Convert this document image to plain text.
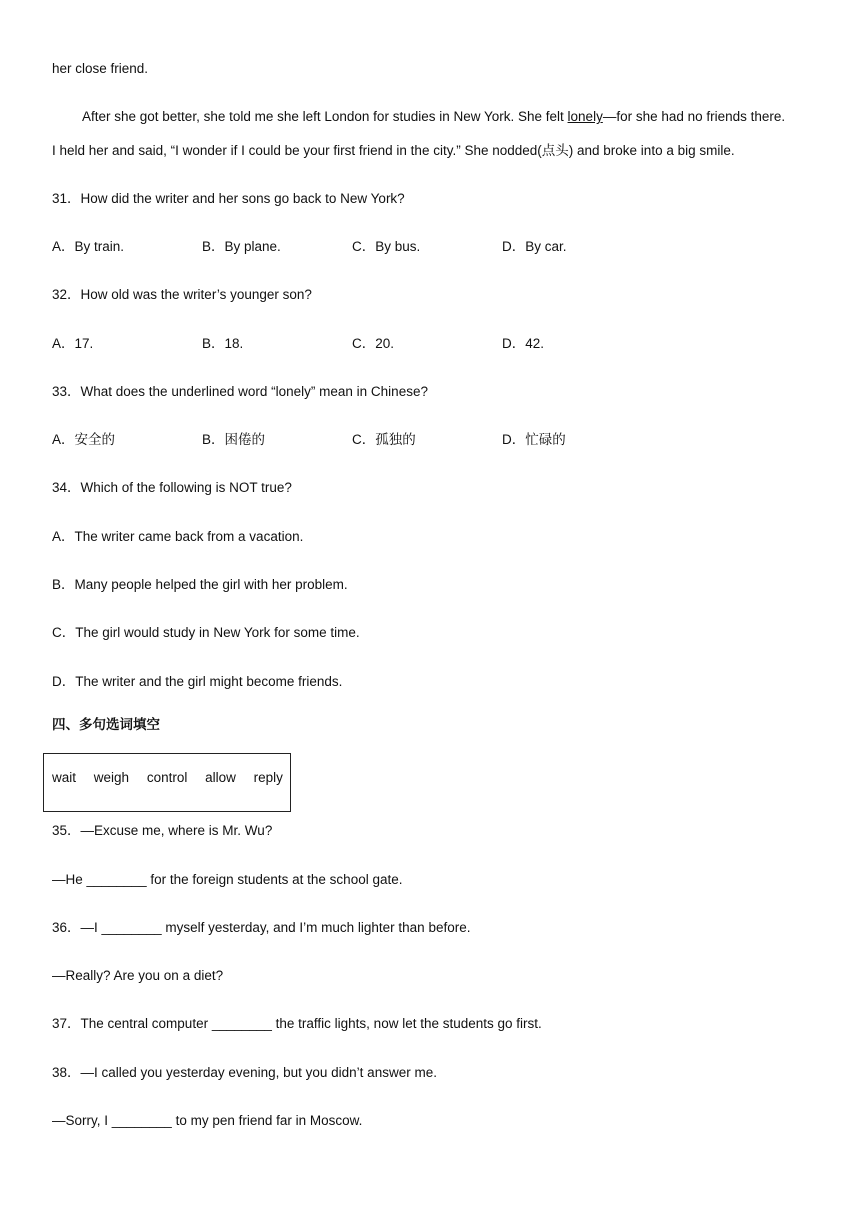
her close friend.
After she got better, she told me she left London for studies in New York. She felt lonely—for she had no friends there.
I held her and said, “I wonder if I could be your first friend in the city.” She nodded(点头) and broke into a big smile.
31．How did the writer and her sons go back to New York?
A．By train.	B．By plane.	C．By bus.	D．By car.
32．How old was the writer’s younger son?
A．17.	B．18.	C．20.	D．42.
33．What does the underlined word “lonely” mean in Chinese?
A．安全的	B．困倦的	C．孤独的	D．忙碌的
34．Which of the following is NOT true?
A．The writer came back from a vacation.
B．Many people helped the girl with her problem.
C．The girl would study in New York for some time.
D．The writer and the girl might become friends.
四、多句选词填空
wait weigh control allow reply
35．—Excuse me, where is Mr. Wu?
—He ________ for the foreign students at the school gate.
36．—I ________ myself yesterday, and I’m much lighter than before.
—Really? Are you on a diet?
37．The central computer ________ the traffic lights, now let the students go first.
38．—I called you yesterday evening, but you didn’t answer me.
—Sorry, I ________ to my pen friend far in Moscow.
